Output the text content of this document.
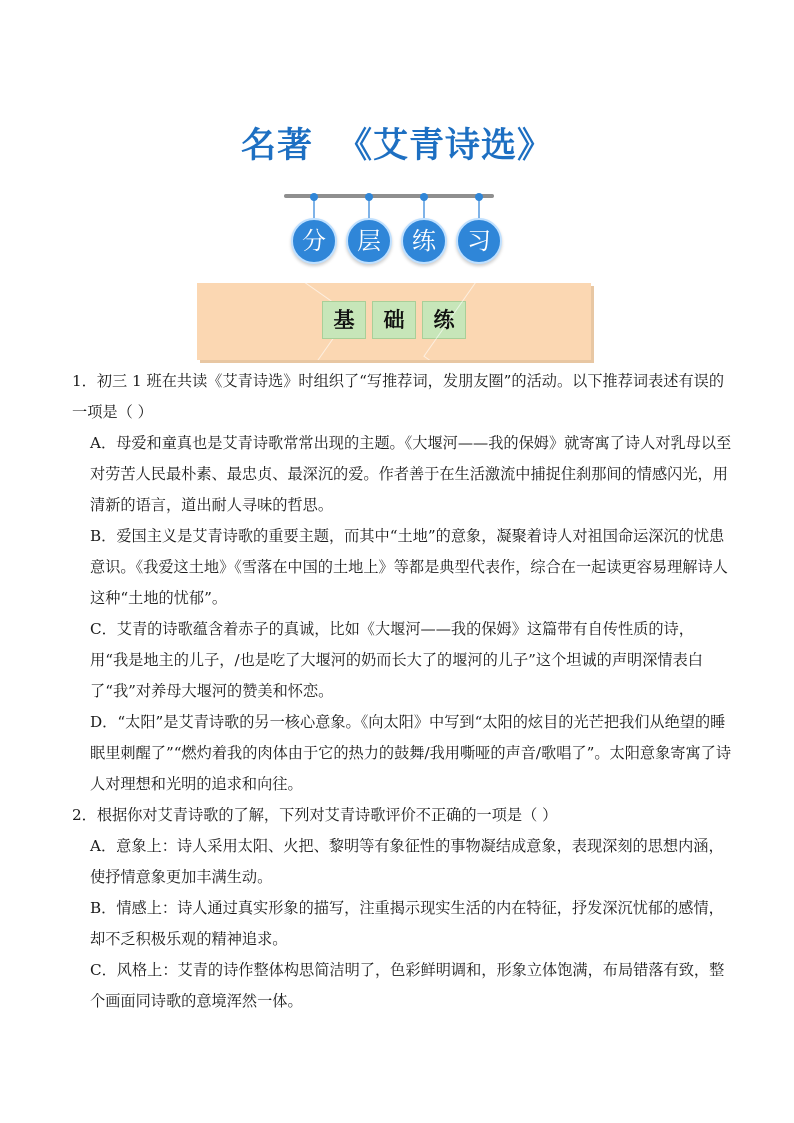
名著 《艾青诗选》
分	层	练	习
基	础	练

1．初三 1 班在共读《艾青诗选》时组织了“写推荐词，发朋友圈”的活动。以下推荐词表述有误的一项是（ ）

A．母爱和童真也是艾青诗歌常常出现的主题。《大堰河——我的保姆》就寄寓了诗人对乳母以至对劳苦人民最朴素、最忠贞、最深沉的爱。作者善于在生活激流中捕捉住刹那间的情感闪光，用清新的语言，道出耐人寻味的哲思。

B．爱国主义是艾青诗歌的重要主题，而其中“土地”的意象，凝聚着诗人对祖国命运深沉的忧患意识。《我爱这土地》《雪落在中国的土地上》等都是典型代表作，综合在一起读更容易理解诗人这种“土地的忧郁”。

C．艾青的诗歌蕴含着赤子的真诚，比如《大堰河——我的保姆》这篇带有自传性质的诗，用“我是地主的儿子，/也是吃了大堰河的奶而长大了的堰河的儿子”这个坦诚的声明深情表白了“我”对养母大堰河的赞美和怀恋。

D．“太阳”是艾青诗歌的另一核心意象。《向太阳》中写到“太阳的炫目的光芒把我们从绝望的睡眠里刺醒了”“燃灼着我的肉体由于它的热力的鼓舞/我用嘶哑的声音/歌唱了”。太阳意象寄寓了诗人对理想和光明的追求和向往。

2．根据你对艾青诗歌的了解，下列对艾青诗歌评价不正确的一项是（ ）

A．意象上：诗人采用太阳、火把、黎明等有象征性的事物凝结成意象，表现深刻的思想内涵，使抒情意象更加丰满生动。

B．情感上：诗人通过真实形象的描写，注重揭示现实生活的内在特征，抒发深沉忧郁的感情，却不乏积极乐观的精神追求。

C．风格上：艾青的诗作整体构思简洁明了，色彩鲜明调和，形象立体饱满，布局错落有致，整个画面同诗歌的意境浑然一体。
